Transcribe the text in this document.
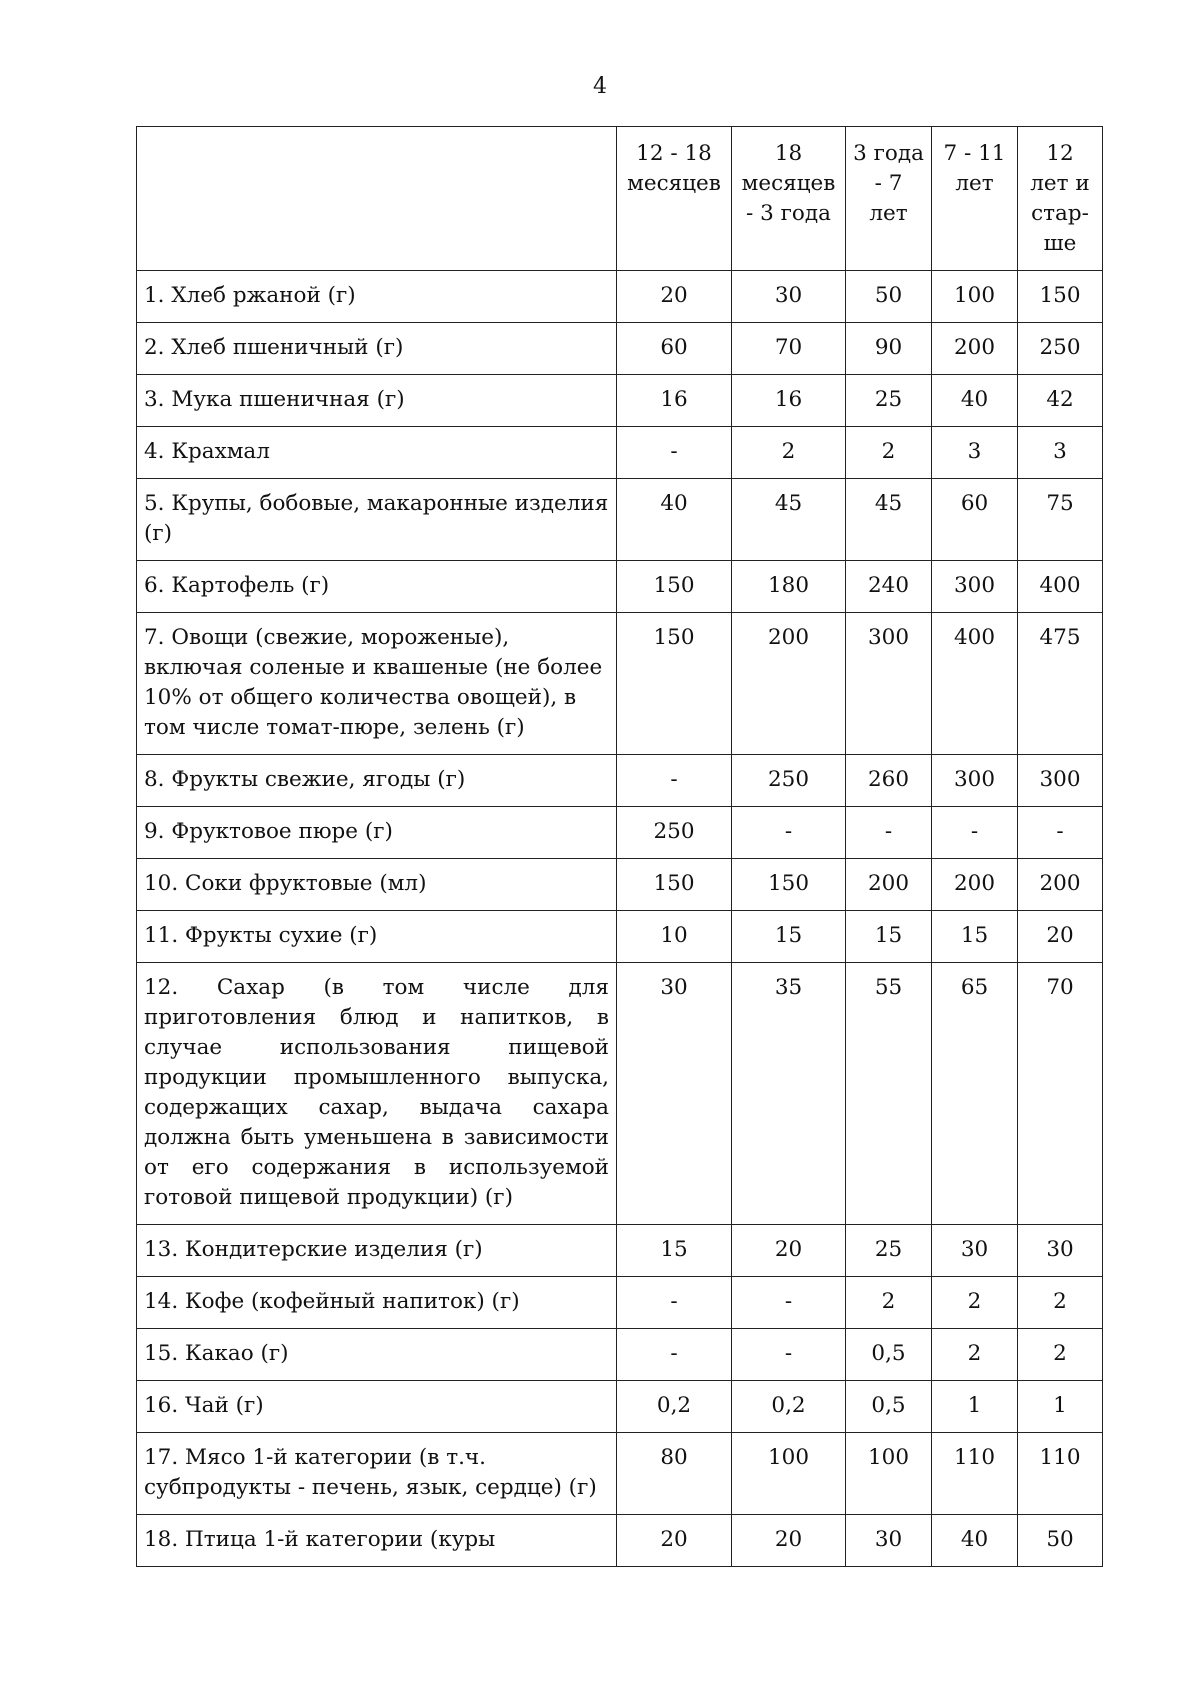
4
	12 - 18 месяцев	18 месяцев - 3 года	3 года - 7 лет	7 - 11 лет	12 лет и стар-ше
1. Хлеб ржаной (г)	20	30	50	100	150
2. Хлеб пшеничный (г)	60	70	90	200	250
3. Мука пшеничная (г)	16	16	25	40	42
4. Крахмал	-	2	2	3	3
5. Крупы, бобовые, макаронные изделия (г)	40	45	45	60	75
6. Картофель (г)	150	180	240	300	400
7. Овощи (свежие, мороженые), включая соленые и квашеные (не более 10% от общего количества овощей), в том числе томат-пюре, зелень (г)	150	200	300	400	475
8. Фрукты свежие, ягоды (г)	-	250	260	300	300
9. Фруктовое пюре (г)	250	-	-	-	-
10. Соки фруктовые (мл)	150	150	200	200	200
11. Фрукты сухие (г)	10	15	15	15	20
12. Сахар (в том числе для приготовления блюд и напитков, в случае использования пищевой продукции промышленного выпуска, содержащих сахар, выдача сахара должна быть уменьшена в зависимости от его содержания в используемой готовой пищевой продукции) (г)	30	35	55	65	70
13. Кондитерские изделия (г)	15	20	25	30	30
14. Кофе (кофейный напиток) (г)	-	-	2	2	2
15. Какао (г)	-	-	0,5	2	2
16. Чай (г)	0,2	0,2	0,5	1	1
17. Мясо 1-й категории (в т.ч. субпродукты - печень, язык, сердце) (г)	80	100	100	110	110
18. Птица 1-й категории (куры	20	20	30	40	50
